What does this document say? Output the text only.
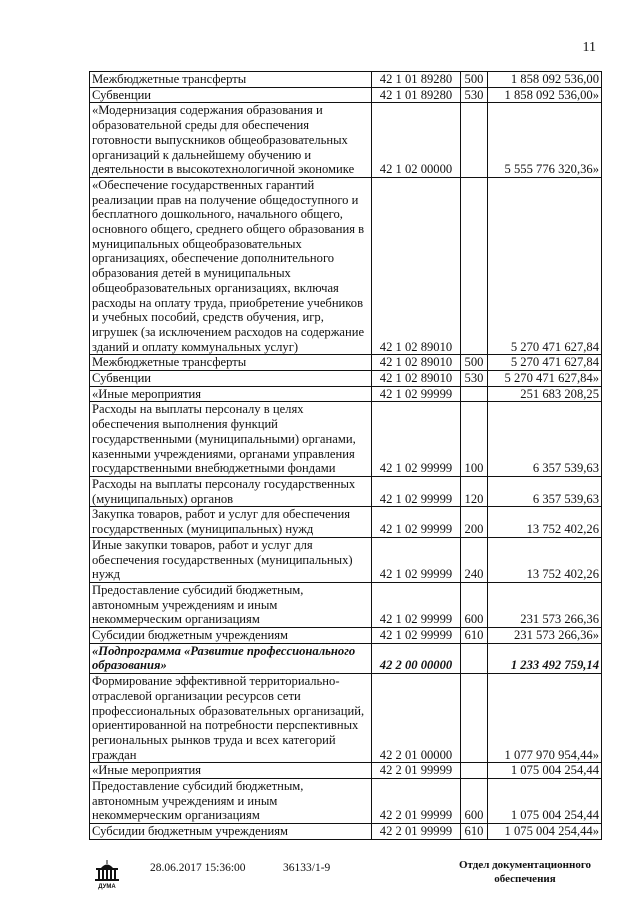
11
Межбюджетные трансферты	42 1 01 89280	500	1 858 092 536,00
Субвенции	42 1 01 89280	530	1 858 092 536,00»
«Модернизация содержания образования и образовательной среды для обеспечения готовности выпускников общеобразовательных организаций к дальнейшему обучению и деятельности в высокотехнологичной экономике	42 1 02 00000		5 555 776 320,36»
«Обеспечение государственных гарантий реализации прав на получение общедоступного и бесплатного дошкольного, начального общего, основного общего, среднего общего образования в муниципальных общеобразовательных организациях, обеспечение дополнительного образования детей в муниципальных общеобразовательных организациях, включая расходы на оплату труда, приобретение учебников и учебных пособий, средств обучения, игр, игрушек (за исключением расходов на содержание зданий и оплату коммунальных услуг)	42 1 02 89010		5 270 471 627,84
Межбюджетные трансферты	42 1 02 89010	500	5 270 471 627,84
Субвенции	42 1 02 89010	530	5 270 471 627,84»
«Иные мероприятия	42 1 02 99999		251 683 208,25
Расходы на выплаты персоналу в целях обеспечения выполнения функций государственными (муниципальными) органами, казенными учреждениями, органами управления государственными внебюджетными фондами	42 1 02 99999	100	6 357 539,63
Расходы на выплаты персоналу государственных (муниципальных) органов	42 1 02 99999	120	6 357 539,63
Закупка товаров, работ и услуг для обеспечения государственных (муниципальных) нужд	42 1 02 99999	200	13 752 402,26
Иные закупки товаров, работ и услуг для обеспечения государственных (муниципальных) нужд	42 1 02 99999	240	13 752 402,26
Предоставление субсидий бюджетным, автономным учреждениям и иным некоммерческим организациям	42 1 02 99999	600	231 573 266,36
Субсидии бюджетным учреждениям	42 1 02 99999	610	231 573 266,36»
«Подпрограмма «Развитие профессионального образования»	42 2 00 00000		1 233 492 759,14
Формирование эффективной территориально-отраслевой организации ресурсов сети профессиональных образовательных организаций, ориентированной на потребности перспективных региональных рынков труда и всех категорий граждан	42 2 01 00000		1 077 970 954,44»
«Иные мероприятия	42 2 01 99999		1 075 004 254,44
Предоставление субсидий бюджетным, автономным учреждениям и иным некоммерческим организациям	42 2 01 99999	600	1 075 004 254,44
Субсидии бюджетным учреждениям	42 2 01 99999	610	1 075 004 254,44»
ДУМА
28.06.2017 15:36:00	36133/1-9	Отдел документационного
обеспечения
